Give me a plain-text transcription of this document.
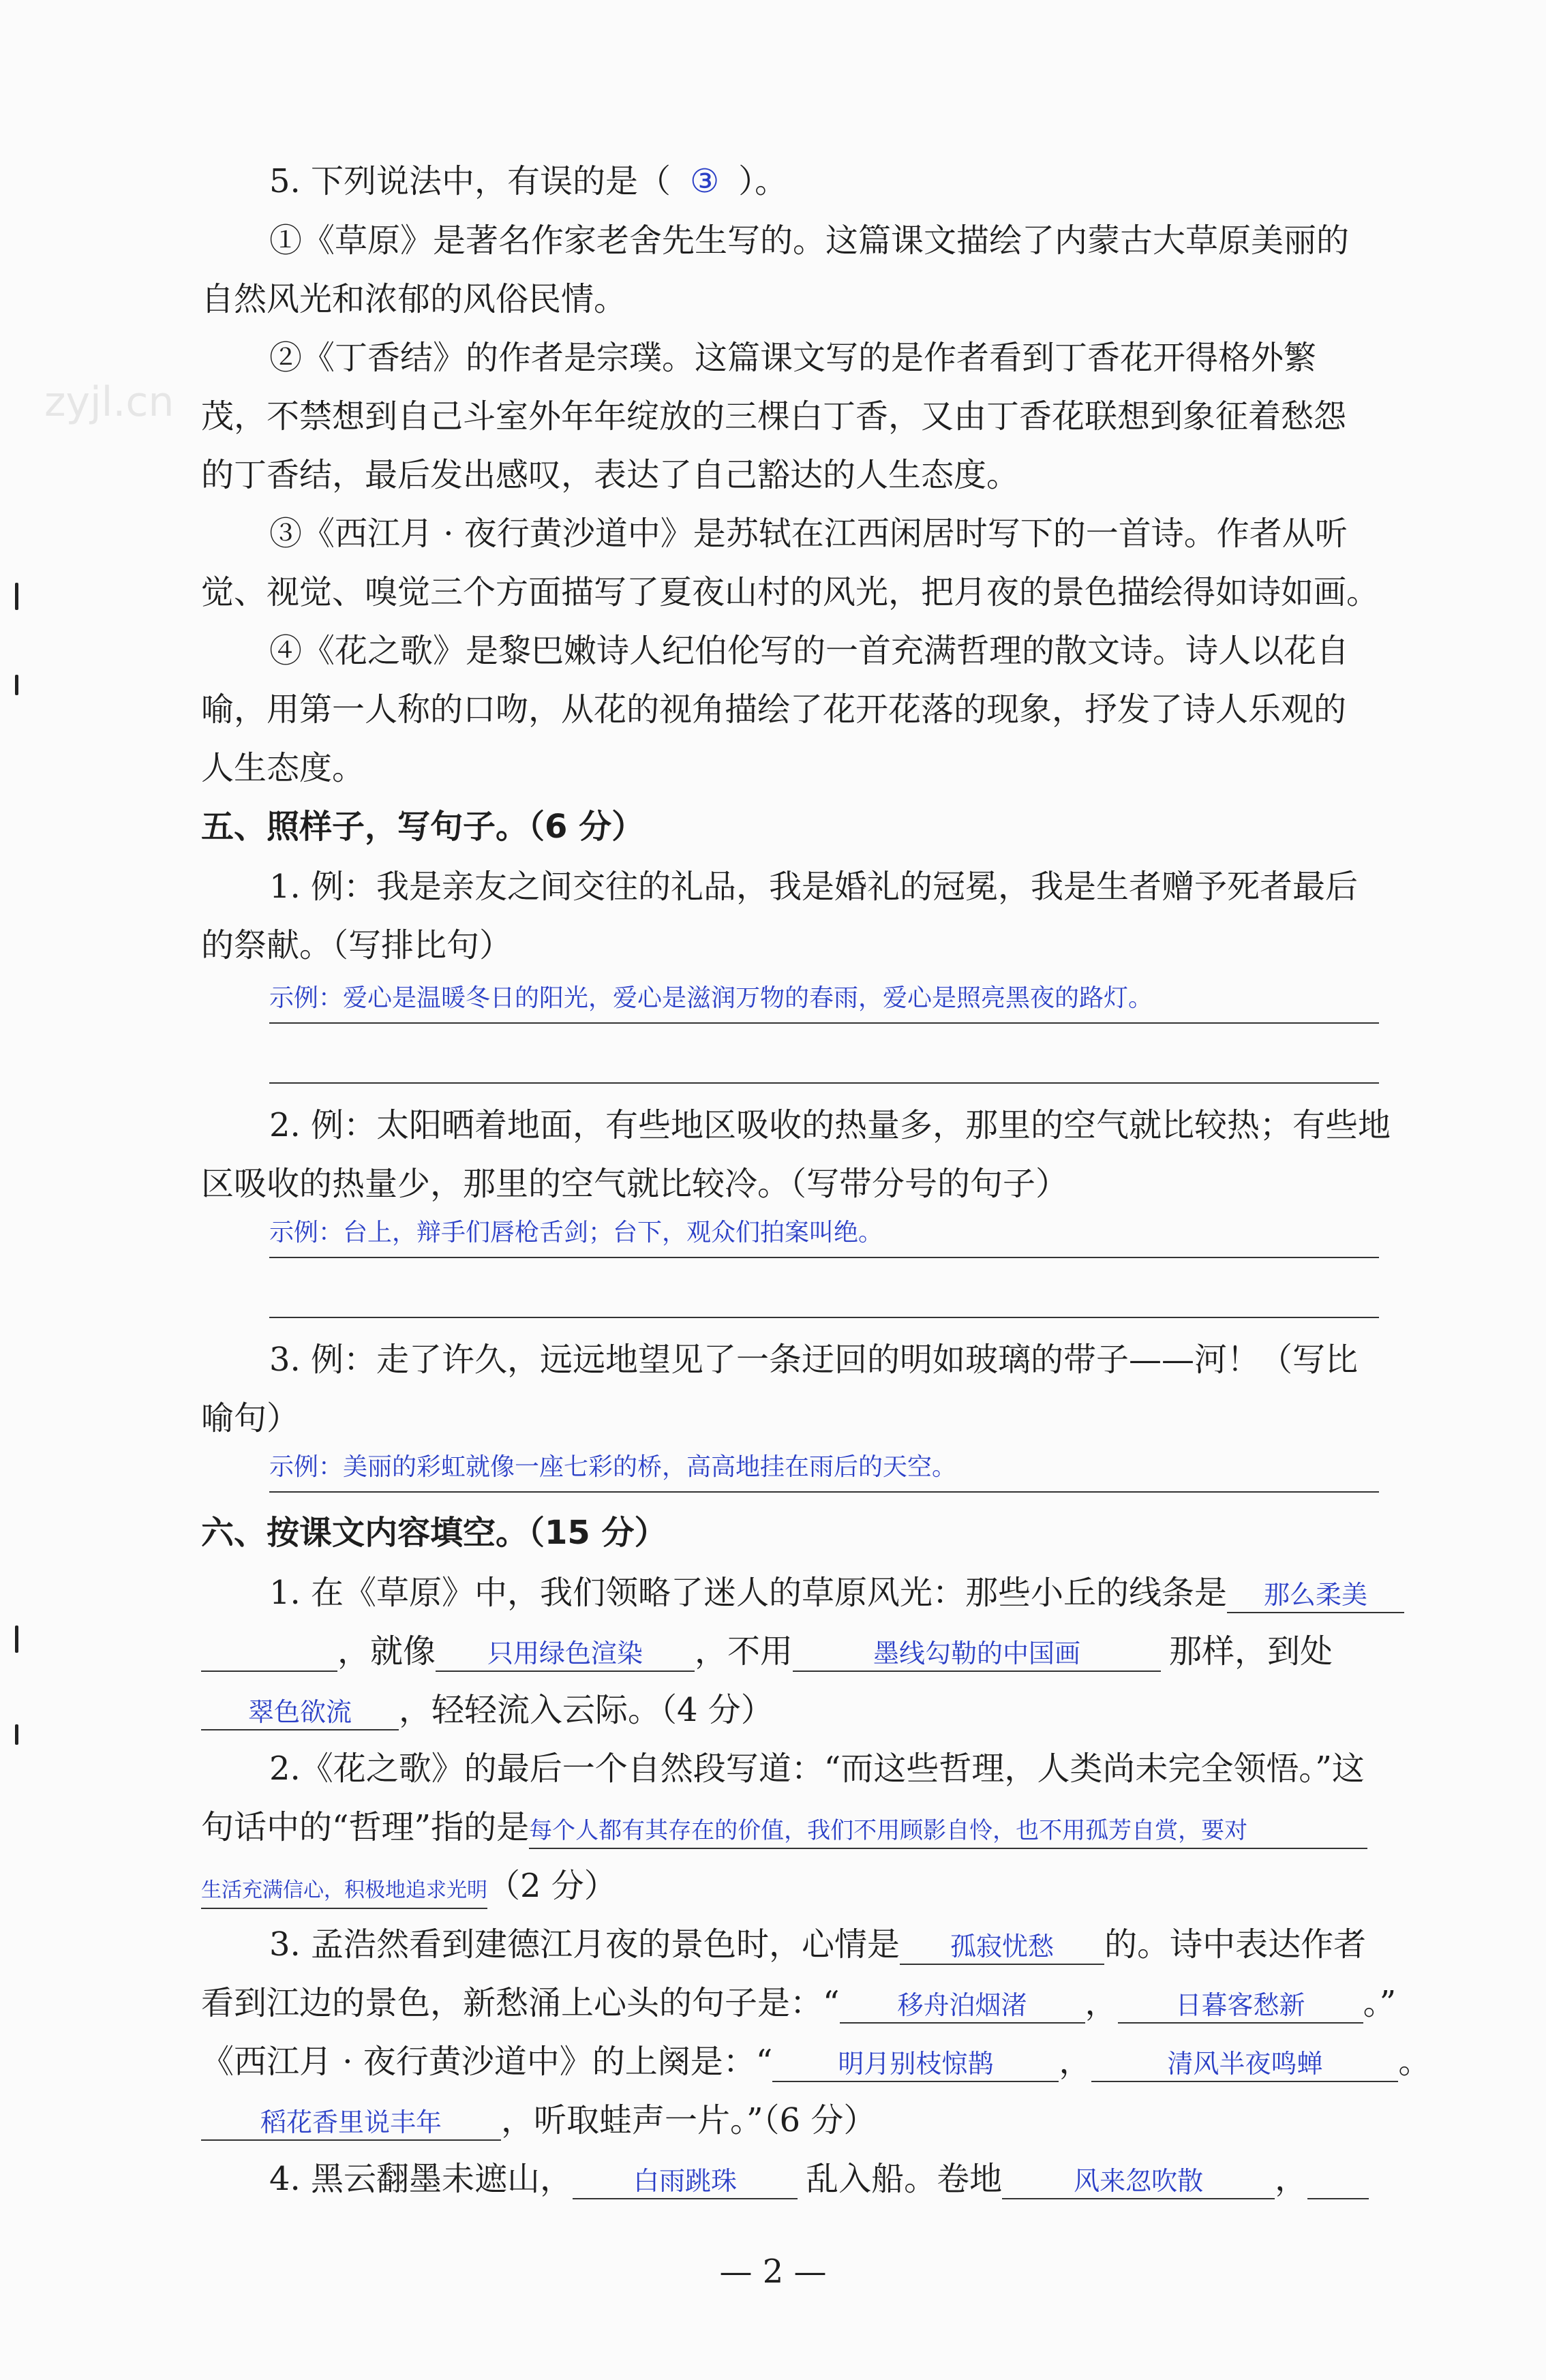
zyjl.cn
5. 下列说法中，有误的是（ ③ ）。
①《草原》是著名作家老舍先生写的。这篇课文描绘了内蒙古大草原美丽的
自然风光和浓郁的风俗民情。
②《丁香结》的作者是宗璞。这篇课文写的是作者看到丁香花开得格外繁
茂，不禁想到自己斗室外年年绽放的三棵白丁香，又由丁香花联想到象征着愁怨
的丁香结，最后发出感叹，表达了自己豁达的人生态度。
③《西江月 · 夜行黄沙道中》是苏轼在江西闲居时写下的一首诗。作者从听
觉、视觉、嗅觉三个方面描写了夏夜山村的风光，把月夜的景色描绘得如诗如画。
④《花之歌》是黎巴嫩诗人纪伯伦写的一首充满哲理的散文诗。诗人以花自
喻，用第一人称的口吻，从花的视角描绘了花开花落的现象，抒发了诗人乐观的
人生态度。
五、照样子，写句子。（6 分）
1. 例：我是亲友之间交往的礼品，我是婚礼的冠冕，我是生者赠予死者最后
的祭献。（写排比句）
示例：爱心是温暖冬日的阳光，爱心是滋润万物的春雨，爱心是照亮黑夜的路灯。
2. 例：太阳晒着地面，有些地区吸收的热量多，那里的空气就比较热；有些地
区吸收的热量少，那里的空气就比较冷。（写带分号的句子）
示例：台上，辩手们唇枪舌剑；台下，观众们拍案叫绝。
3. 例：走了许久，远远地望见了一条迂回的明如玻璃的带子——河！（写比
喻句）
示例：美丽的彩虹就像一座七彩的桥，高高地挂在雨后的天空。
六、按课文内容填空。（15 分）
1. 在《草原》中，我们领略了迷人的草原风光：那些小丘的线条是 那么柔美
，就像 只用绿色渲染 ，不用	墨线勾勒的中国画	那样，到处
翠色欲流 ，轻轻流入云际。（4 分）
2.《花之歌》的最后一个自然段写道：“而这些哲理，人类尚未完全领悟。”这
句话中的“哲理”指的是每个人都有其存在的价值，我们不用顾影自怜，也不用孤芳自赏，要对
生活充满信心，积极地追求光明（2 分）
3. 孟浩然看到建德江月夜的景色时，心情是 孤寂忧愁 的。诗中表达作者
看到江边的景色，新愁涌上心头的句子是：“ 移舟泊烟渚 ， 日暮客愁新 。”
《西江月 · 夜行黄沙道中》的上阕是：“	明月别枝惊鹊 ，	清风半夜鸣蝉 。
稻花香里说丰年 ，听取蛙声一片。”（6 分）
4. 黑云翻墨未遮山， 白雨跳珠 乱入船。卷地	风来忽吹散 ，
— 2 —
